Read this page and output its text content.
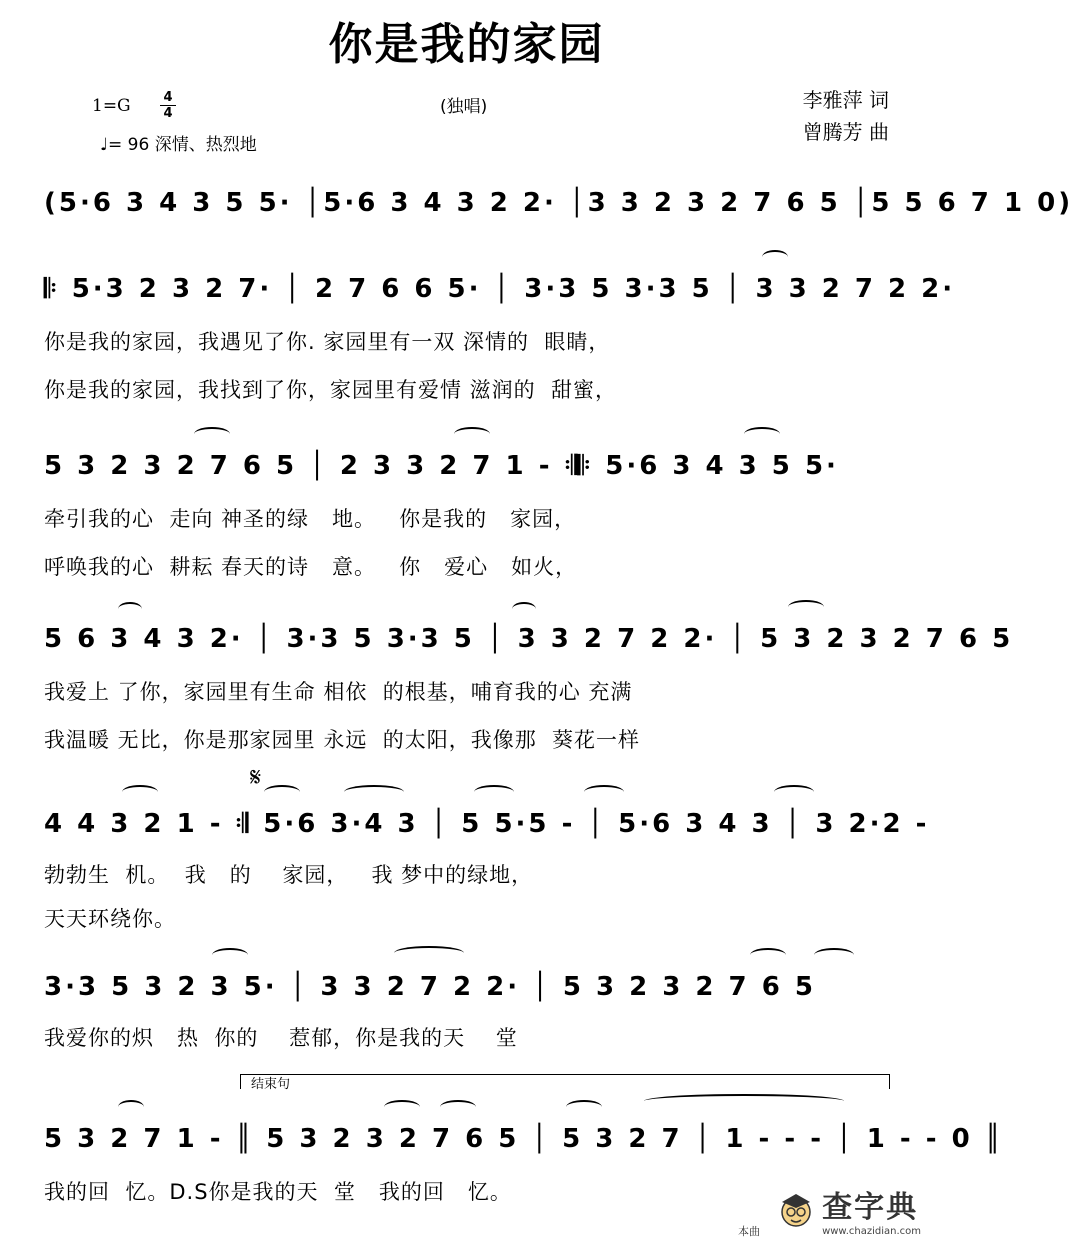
你是我的家园
1=G	4
4
♩= 96 深情、热烈地
(独唱)	李雅萍 词
曾腾芳 曲
(5·6 3 4 3 5 5· │5·6 3 4 3 2 2· │3 3 2 3 2 7 6 5 │5 5 6 7 1 0)
𝄆 5·3 2 3 2 7· │ 2 7 6 6 5· │ 3·3 5 3·3 5 │ 3 3 2 7 2 2·
你是我的家园，我遇见了你. 家园里有一双 深情的  眼睛，
你是我的家园，我找到了你，家园里有爱情 滋润的  甜蜜，
5 3 2 3 2 7 6 5 │ 2 3 3 2 7 1 - 𝄇𝄆 5·6 3 4 3 5 5·
牵引我的心  走向 神圣的绿   地。   你是我的   家园，
呼唤我的心  耕耘 春天的诗   意。   你   爱心   如火，
5 6 3 4 3 2· │ 3·3 5 3·3 5 │ 3 3 2 7 2 2· │ 5 3 2 3 2 7 6 5
我爱上 了你，家园里有生命 相依  的根基，哺育我的心 充满
我温暖 无比，你是那家园里 永远  的太阳，我像那  葵花一样
𝄋
4 4 3 2 1 - 𝄇 5·6 3·4 3 │ 5 5·5 - │ 5·6 3 4 3 │ 3 2·2 -
勃勃生  机。  我   的    家园，   我 梦中的绿地，
天天环绕你。
3·3 5 3 2 3 5· │ 3 3 2 7 2 2· │ 5 3 2 3 2 7 6 5
我爱你的炽   热  你的    惹郁，你是我的天    堂
结束句
5 3 2 7 1 - ║ 5 3 2 3 2 7 6 5 │ 5 3 2 7 │ 1 - - - │ 1 - - 0 ║
我的回  忆。D.S你是我的天  堂   我的回   忆。
本曲
查字典
www.chazidian.com
